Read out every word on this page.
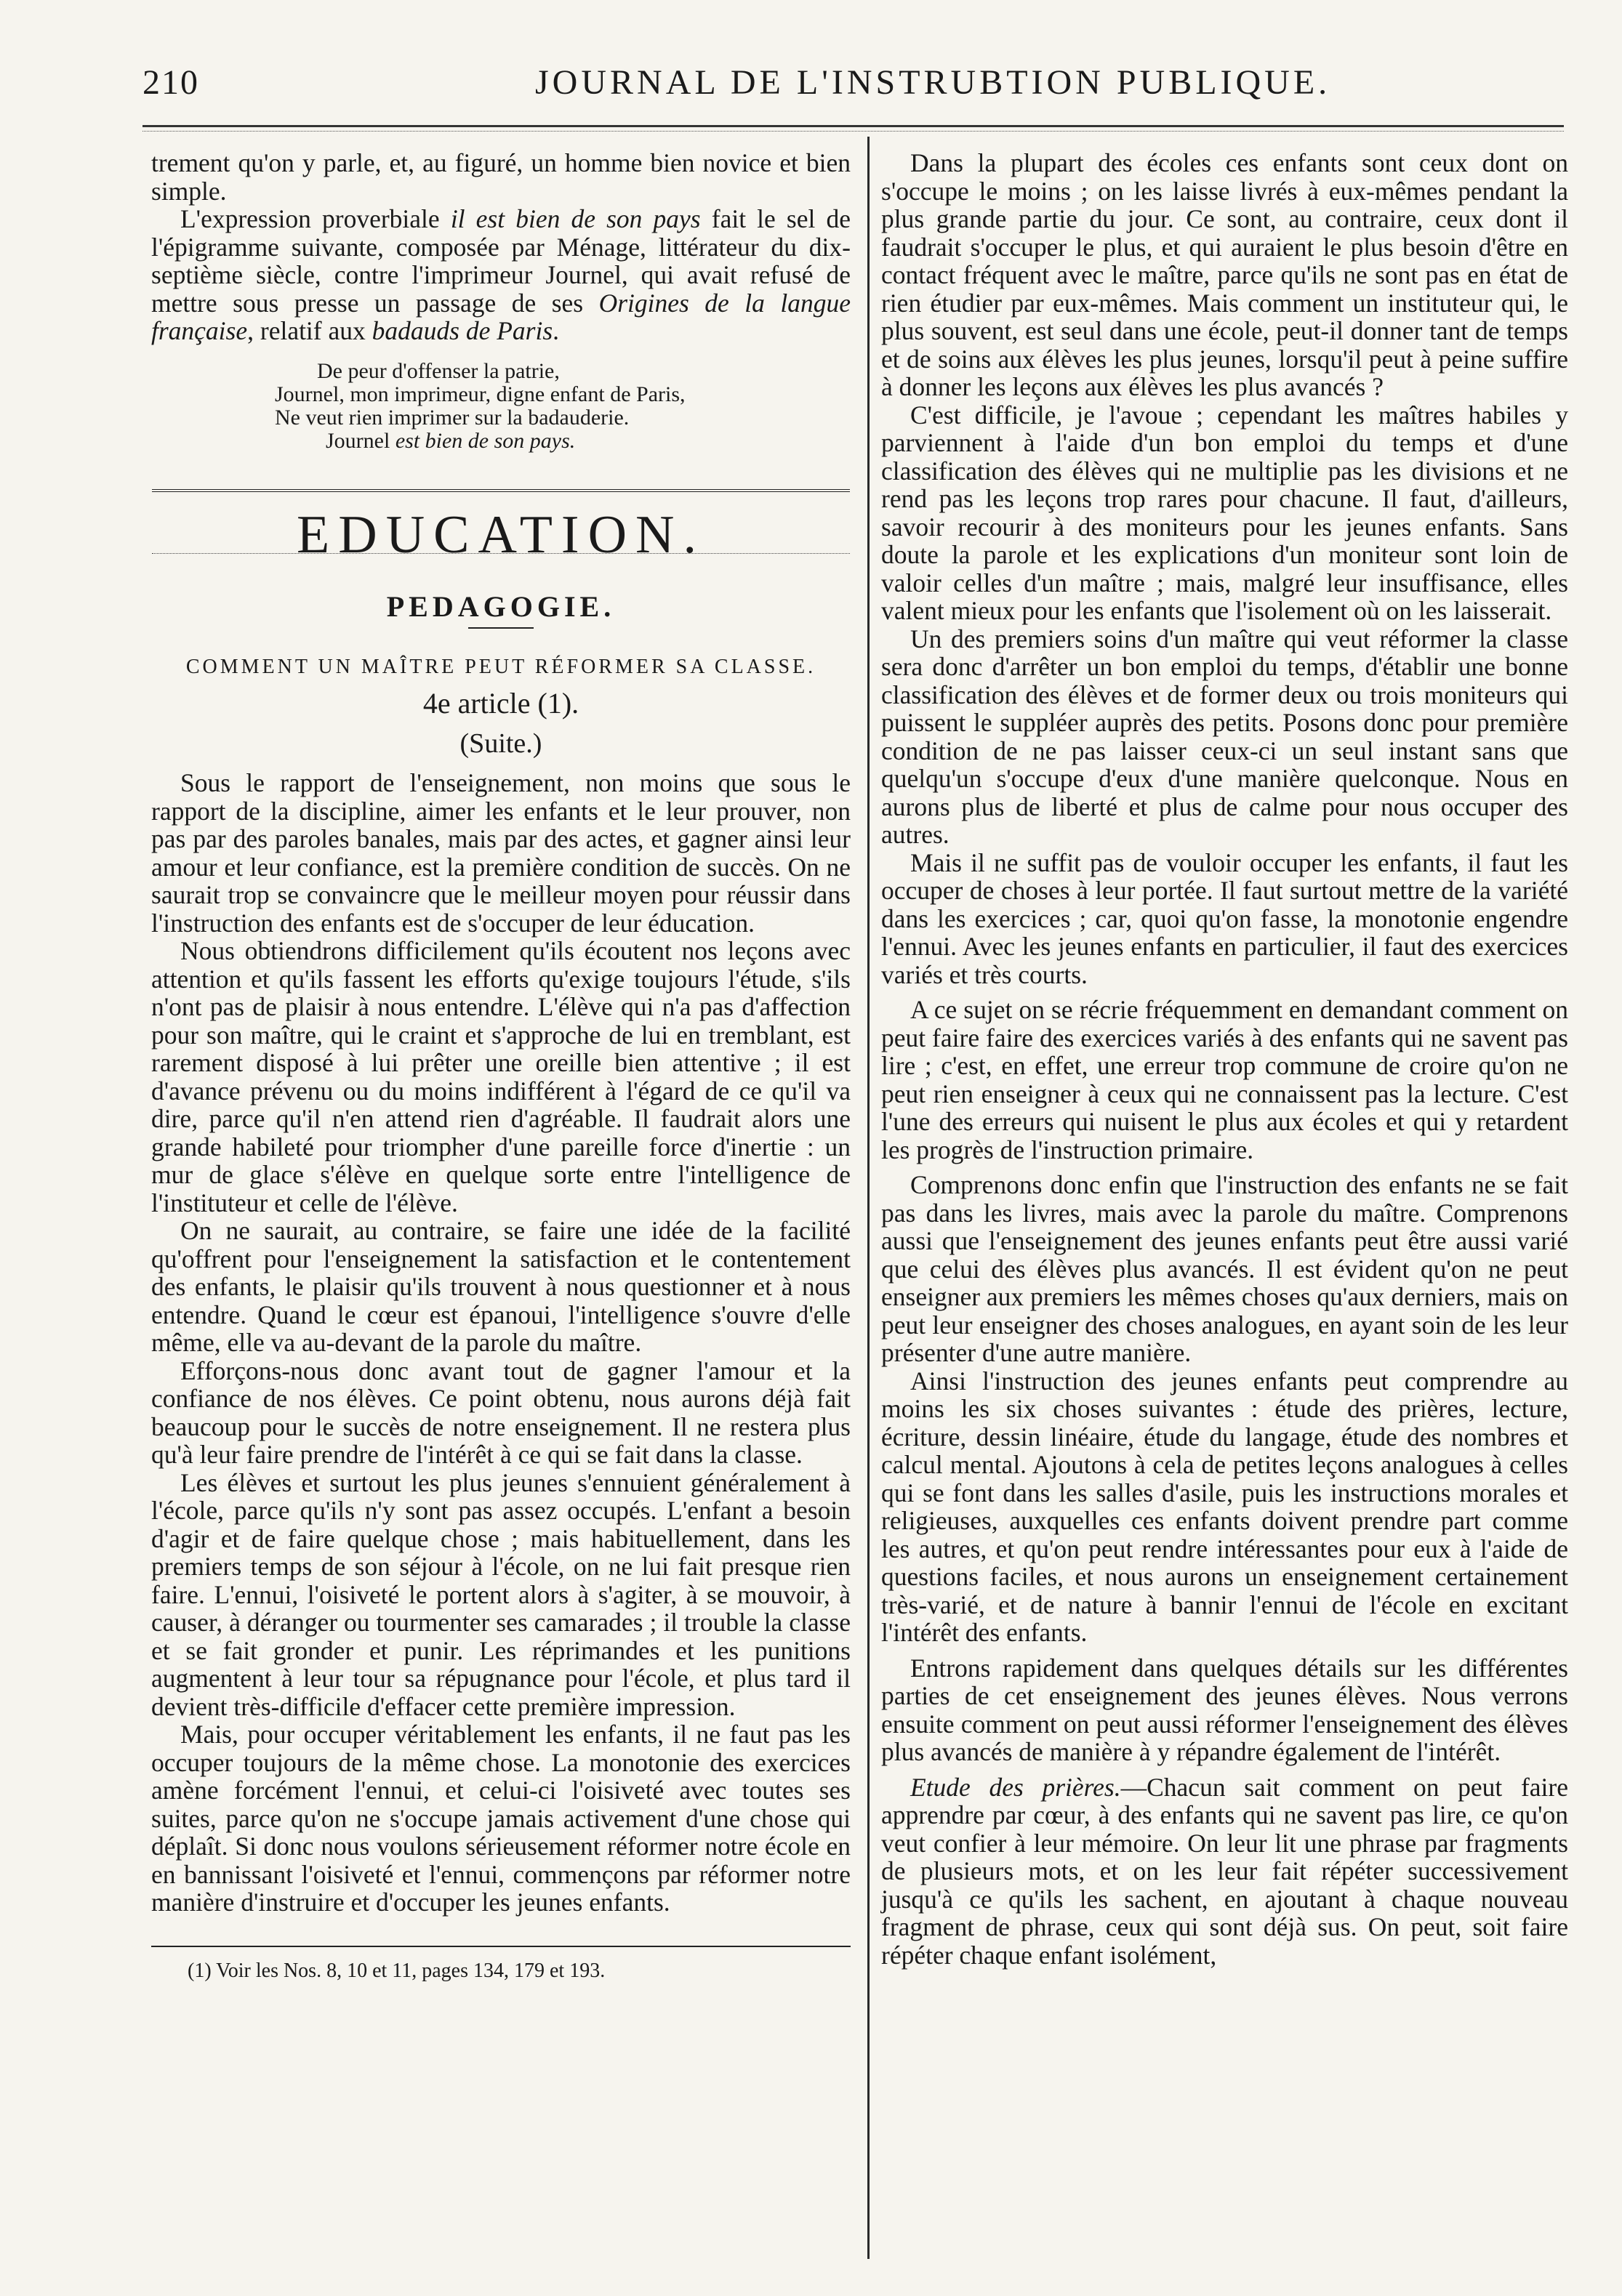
210	JOURNAL DE L'INSTRUBTION PUBLIQUE.

trement qu'on y parle, et, au figuré, un homme bien novice et bien simple.

L'expression proverbiale il est bien de son pays fait le sel de l'épigramme suivante, composée par Ménage, littérateur du dix-septième siècle, contre l'imprimeur Journel, qui avait refusé de mettre sous presse un passage de ses Origines de la langue française, relatif aux badauds de Paris.

De peur d'offenser la patrie,
Journel, mon imprimeur, digne enfant de Paris,
Ne veut rien imprimer sur la badauderie.
Journel est bien de son pays.
EDUCATION.
PEDAGOGIE.
COMMENT UN MAÎTRE PEUT RÉFORMER SA CLASSE.
4e article (1).
(Suite.)

Sous le rapport de l'enseignement, non moins que sous le rapport de la discipline, aimer les enfants et le leur prouver, non pas par des paroles banales, mais par des actes, et gagner ainsi leur amour et leur confiance, est la première condition de succès. On ne saurait trop se convaincre que le meilleur moyen pour réussir dans l'instruction des enfants est de s'occuper de leur éducation.

Nous obtiendrons difficilement qu'ils écoutent nos leçons avec attention et qu'ils fassent les efforts qu'exige toujours l'étude, s'ils n'ont pas de plaisir à nous entendre. L'élève qui n'a pas d'affection pour son maître, qui le craint et s'approche de lui en tremblant, est rarement disposé à lui prêter une oreille bien attentive ; il est d'avance prévenu ou du moins indifférent à l'égard de ce qu'il va dire, parce qu'il n'en attend rien d'agréable. Il faudrait alors une grande habileté pour triompher d'une pareille force d'inertie : un mur de glace s'élève en quelque sorte entre l'intelligence de l'instituteur et celle de l'élève.

On ne saurait, au contraire, se faire une idée de la facilité qu'offrent pour l'enseignement la satisfaction et le contentement des enfants, le plaisir qu'ils trouvent à nous questionner et à nous entendre. Quand le cœur est épanoui, l'intelligence s'ouvre d'elle même, elle va au-devant de la parole du maître.

Efforçons-nous donc avant tout de gagner l'amour et la confiance de nos élèves. Ce point obtenu, nous aurons déjà fait beaucoup pour le succès de notre enseignement. Il ne restera plus qu'à leur faire prendre de l'intérêt à ce qui se fait dans la classe.

Les élèves et surtout les plus jeunes s'ennuient généralement à l'école, parce qu'ils n'y sont pas assez occupés. L'enfant a besoin d'agir et de faire quelque chose ; mais habituellement, dans les premiers temps de son séjour à l'école, on ne lui fait presque rien faire. L'ennui, l'oisiveté le portent alors à s'agiter, à se mouvoir, à causer, à déranger ou tourmenter ses camarades ; il trouble la classe et se fait gronder et punir. Les réprimandes et les punitions augmentent à leur tour sa répugnance pour l'école, et plus tard il devient très-difficile d'effacer cette première impression.

Mais, pour occuper véritablement les enfants, il ne faut pas les occuper toujours de la même chose. La monotonie des exercices amène forcément l'ennui, et celui-ci l'oisiveté avec toutes ses suites, parce qu'on ne s'occupe jamais activement d'une chose qui déplaît. Si donc nous voulons sérieusement réformer notre école en en bannissant l'oisiveté et l'ennui, commençons par réformer notre manière d'instruire et d'occuper les jeunes enfants.

(1) Voir les Nos. 8, 10 et 11, pages 134, 179 et 193.

Dans la plupart des écoles ces enfants sont ceux dont on s'occupe le moins ; on les laisse livrés à eux-mêmes pendant la plus grande partie du jour. Ce sont, au contraire, ceux dont il faudrait s'occuper le plus, et qui auraient le plus besoin d'être en contact fréquent avec le maître, parce qu'ils ne sont pas en état de rien étudier par eux-mêmes. Mais comment un instituteur qui, le plus souvent, est seul dans une école, peut-il donner tant de temps et de soins aux élèves les plus jeunes, lorsqu'il peut à peine suffire à donner les leçons aux élèves les plus avancés ?

C'est difficile, je l'avoue ; cependant les maîtres habiles y parviennent à l'aide d'un bon emploi du temps et d'une classification des élèves qui ne multiplie pas les divisions et ne rend pas les leçons trop rares pour chacune. Il faut, d'ailleurs, savoir recourir à des moniteurs pour les jeunes enfants. Sans doute la parole et les explications d'un moniteur sont loin de valoir celles d'un maître ; mais, malgré leur insuffisance, elles valent mieux pour les enfants que l'isolement où on les laisserait.

Un des premiers soins d'un maître qui veut réformer la classe sera donc d'arrêter un bon emploi du temps, d'établir une bonne classification des élèves et de former deux ou trois moniteurs qui puissent le suppléer auprès des petits. Posons donc pour première condition de ne pas laisser ceux-ci un seul instant sans que quelqu'un s'occupe d'eux d'une manière quelconque. Nous en aurons plus de liberté et plus de calme pour nous occuper des autres.

Mais il ne suffit pas de vouloir occuper les enfants, il faut les occuper de choses à leur portée. Il faut surtout mettre de la variété dans les exercices ; car, quoi qu'on fasse, la monotonie engendre l'ennui. Avec les jeunes enfants en particulier, il faut des exercices variés et très courts.

A ce sujet on se récrie fréquemment en demandant comment on peut faire faire des exercices variés à des enfants qui ne savent pas lire ; c'est, en effet, une erreur trop commune de croire qu'on ne peut rien enseigner à ceux qui ne connaissent pas la lecture. C'est l'une des erreurs qui nuisent le plus aux écoles et qui y retardent les progrès de l'instruction primaire.

Comprenons donc enfin que l'instruction des enfants ne se fait pas dans les livres, mais avec la parole du maître. Comprenons aussi que l'enseignement des jeunes enfants peut être aussi varié que celui des élèves plus avancés. Il est évident qu'on ne peut enseigner aux premiers les mêmes choses qu'aux derniers, mais on peut leur enseigner des choses analogues, en ayant soin de les leur présenter d'une autre manière.

Ainsi l'instruction des jeunes enfants peut comprendre au moins les six choses suivantes : étude des prières, lecture, écriture, dessin linéaire, étude du langage, étude des nombres et calcul mental. Ajoutons à cela de petites leçons analogues à celles qui se font dans les salles d'asile, puis les instructions morales et religieuses, auxquelles ces enfants doivent prendre part comme les autres, et qu'on peut rendre intéressantes pour eux à l'aide de questions faciles, et nous aurons un enseignement certainement très-varié, et de nature à bannir l'ennui de l'école en excitant l'intérêt des enfants.

Entrons rapidement dans quelques détails sur les différentes parties de cet enseignement des jeunes élèves. Nous verrons ensuite comment on peut aussi réformer l'enseignement des élèves plus avancés de manière à y répandre également de l'intérêt.

Etude des prières.—Chacun sait comment on peut faire apprendre par cœur, à des enfants qui ne savent pas lire, ce qu'on veut confier à leur mémoire. On leur lit une phrase par fragments de plusieurs mots, et on les leur fait répéter successivement jusqu'à ce qu'ils les sachent, en ajoutant à chaque nouveau fragment de phrase, ceux qui sont déjà sus. On peut, soit faire répéter chaque enfant isolément,
